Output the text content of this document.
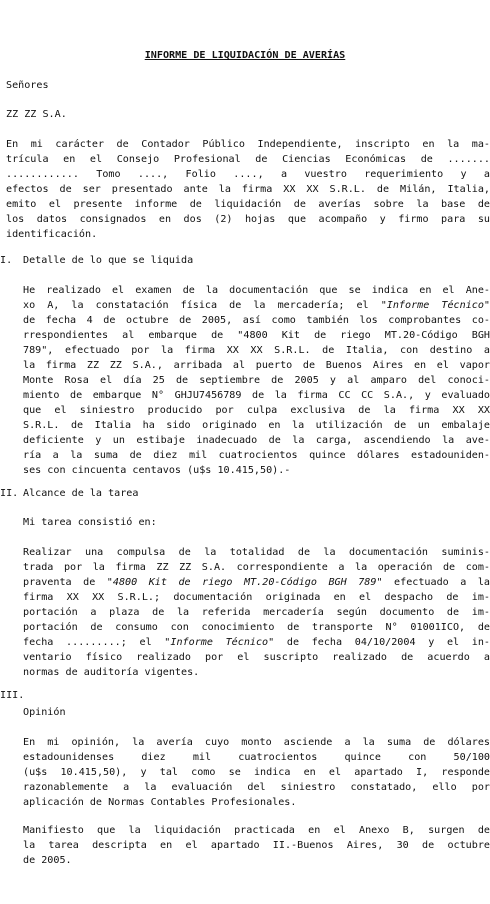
INFORME DE LIQUIDACIÓN DE AVERÍAS
Señores
ZZ ZZ S.A.
En mi carácter de Contador Público Independiente, inscripto en la ma-
trícula en el Consejo Profesional de Ciencias Económicas de .......
............ Tomo ...., Folio ...., a vuestro requerimiento y a
efectos de ser presentado ante la firma XX XX S.R.L. de Milán, Italia,
emito el presente informe de liquidación de averías sobre la base de
los datos consignados en dos (2) hojas que acompaño y firmo para su
identificación.
I. Detalle de lo que se liquida
He realizado el examen de la documentación que se indica en el Ane-
xo A, la constatación física de la mercadería; el "Informe Técnico"
de fecha 4 de octubre de 2005, así como también los comprobantes co-
rrespondientes al embarque de "4800 Kit de riego MT.20-Código BGH
789", efectuado por la firma XX XX S.R.L. de Italia, con destino a
la firma ZZ ZZ S.A., arribada al puerto de Buenos Aires en el vapor
Monte Rosa el día 25 de septiembre de 2005 y al amparo del conoci-
miento de embarque N° GHJU7456789 de la firma CC CC S.A., y evaluado
que el siniestro producido por culpa exclusiva de la firma XX XX
S.R.L. de Italia ha sido originado en la utilización de un embalaje
deficiente y un estibaje inadecuado de la carga, ascendiendo la ave-
ría a la suma de diez mil cuatrocientos quince dólares estadouniden-
ses con cincuenta centavos (u$s 10.415,50).-
II. Alcance de la tarea
Mi tarea consistió en:
Realizar una compulsa de la totalidad de la documentación suminis-
trada por la firma ZZ ZZ S.A. correspondiente a la operación de com-
praventa de "4800 Kit de riego MT.20-Código BGH 789" efectuado a la
firma XX XX S.R.L.; documentación originada en el despacho de im-
portación a plaza de la referida mercadería según documento de im-
portación de consumo con conocimiento de transporte N° 01001ICO, de
fecha .........; el "Informe Técnico" de fecha 04/10/2004 y el in-
ventario físico realizado por el suscripto realizado de acuerdo a
normas de auditoría vigentes.
III.
Opinión
En mi opinión, la avería cuyo monto asciende a la suma de dólares
estadounidenses diez mil cuatrocientos quince con 50/100
(u$s 10.415,50), y tal como se indica en el apartado I, responde
razonablemente a la evaluación del siniestro constatado, ello por
aplicación de Normas Contables Profesionales.
Manifiesto que la liquidación practicada en el Anexo B, surgen de
la tarea descripta en el apartado II.-Buenos Aires, 30 de octubre
de 2005.
